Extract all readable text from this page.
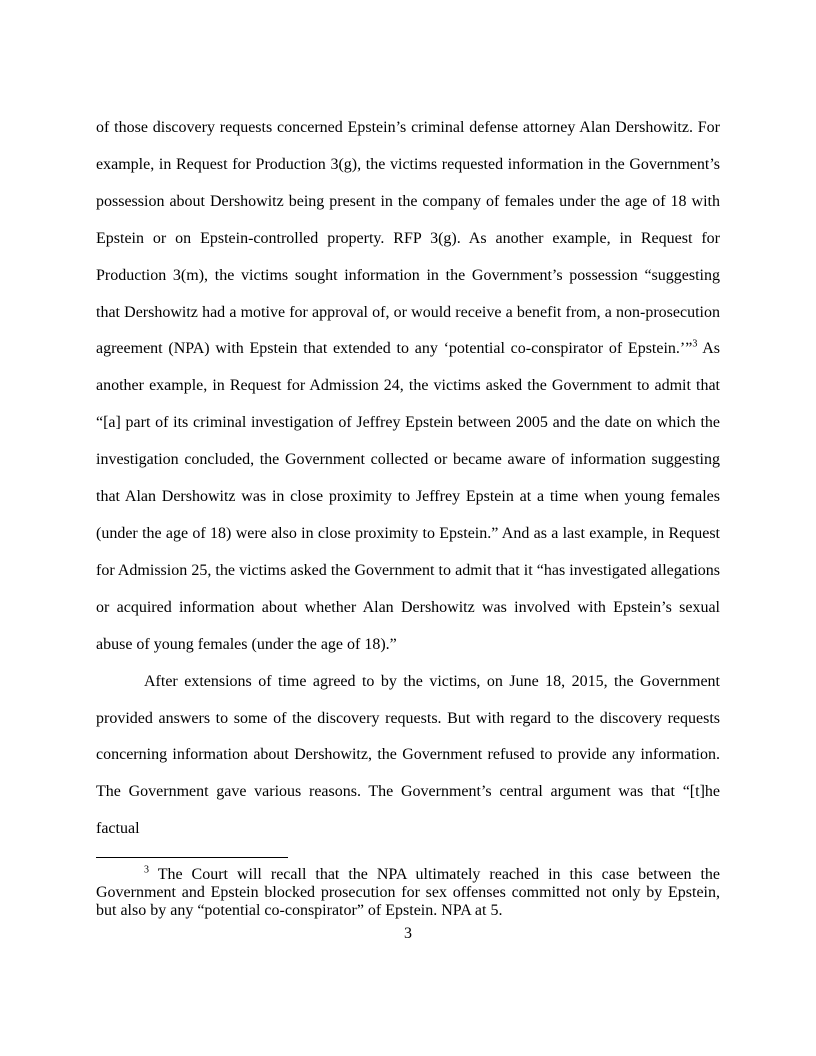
of those discovery requests concerned Epstein’s criminal defense attorney Alan Dershowitz. For example, in Request for Production 3(g), the victims requested information in the Government’s possession about Dershowitz being present in the company of females under the age of 18 with Epstein or on Epstein-controlled property. RFP 3(g). As another example, in Request for Production 3(m), the victims sought information in the Government’s possession “suggesting that Dershowitz had a motive for approval of, or would receive a benefit from, a non-prosecution agreement (NPA) with Epstein that extended to any ‘potential co-conspirator of Epstein.’”$^3$ As another example, in Request for Admission 24, the victims asked the Government to admit that “[a] part of its criminal investigation of Jeffrey Epstein between 2005 and the date on which the investigation concluded, the Government collected or became aware of information suggesting that Alan Dershowitz was in close proximity to Jeffrey Epstein at a time when young females (under the age of 18) were also in close proximity to Epstein.” And as a last example, in Request for Admission 25, the victims asked the Government to admit that it “has investigated allegations or acquired information about whether Alan Dershowitz was involved with Epstein’s sexual abuse of young females (under the age of 18).”

After extensions of time agreed to by the victims, on June 18, 2015, the Government provided answers to some of the discovery requests. But with regard to the discovery requests concerning information about Dershowitz, the Government refused to provide any information. The Government gave various reasons. The Government’s central argument was that “[t]he factual

$^3$ The Court will recall that the NPA ultimately reached in this case between the Government and Epstein blocked prosecution for sex offenses committed not only by Epstein, but also by any “potential co-conspirator” of Epstein. NPA at 5.

3
